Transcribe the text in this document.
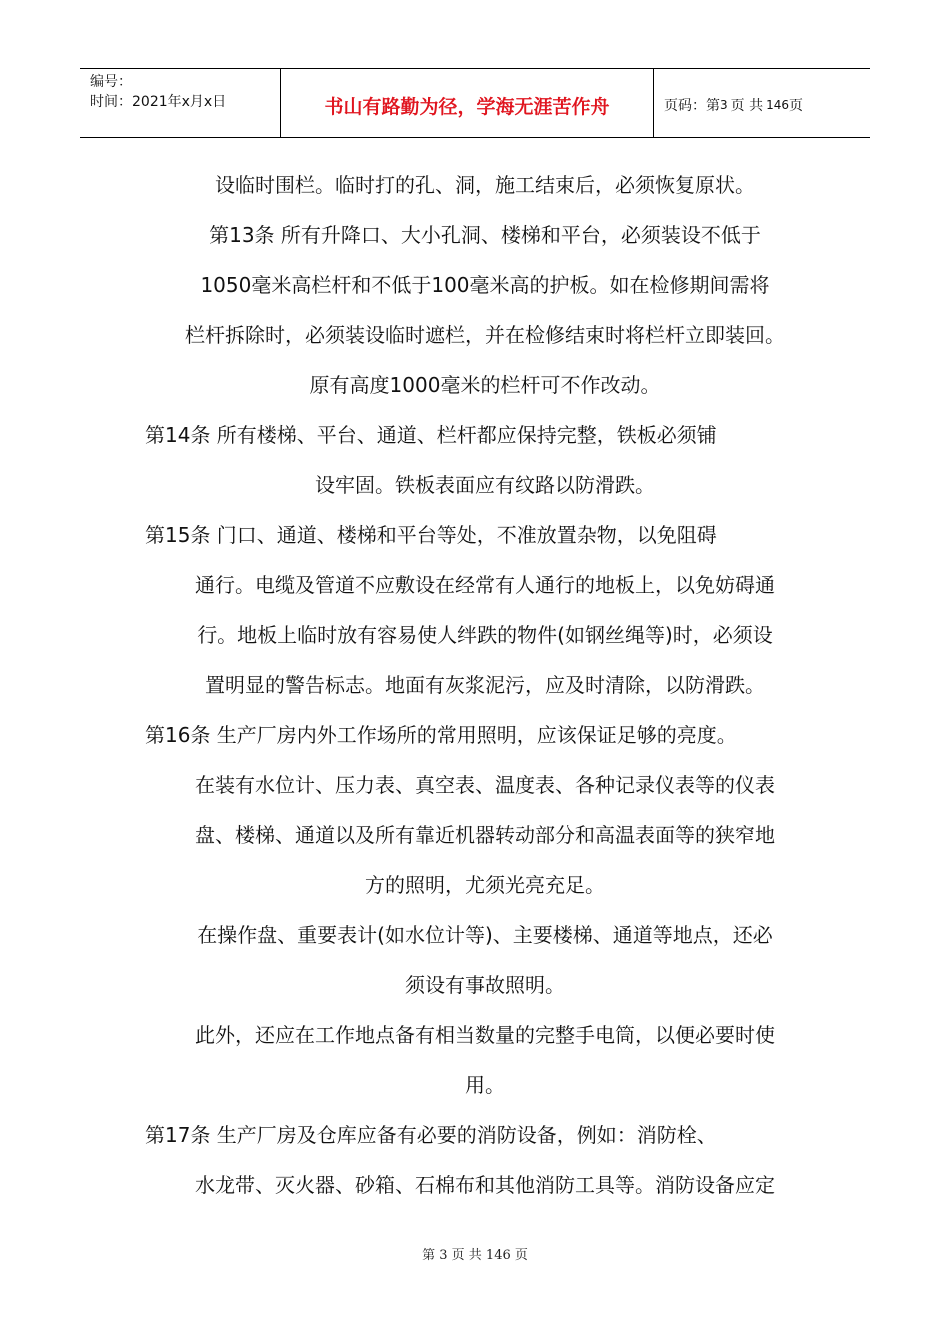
编号：
时间：2021年x月x日	书山有路勤为径，学海无涯苦作舟	页码：第 3 页 共 146 页
设临时围栏。临时打的孔、洞，施工结束后，必须恢复原状。
第13条 所有升降口、大小孔洞、楼梯和平台，必须装设不低于
1050毫米高栏杆和不低于100毫米高的护板。如在检修期间需将
栏杆拆除时，必须装设临时遮栏，并在检修结束时将栏杆立即装回。
原有高度1000毫米的栏杆可不作改动。
第14条 所有楼梯、平台、通道、栏杆都应保持完整，铁板必须铺
设牢固。铁板表面应有纹路以防滑跌。
第15条 门口、通道、楼梯和平台等处，不准放置杂物，以免阻碍
通行。电缆及管道不应敷设在经常有人通行的地板上，以免妨碍通
行。地板上临时放有容易使人绊跌的物件(如钢丝绳等)时，必须设
置明显的警告标志。地面有灰浆泥污，应及时清除，以防滑跌。
第16条 生产厂房内外工作场所的常用照明，应该保证足够的亮度。
在装有水位计、压力表、真空表、温度表、各种记录仪表等的仪表
盘、楼梯、通道以及所有靠近机器转动部分和高温表面等的狭窄地
方的照明，尤须光亮充足。
在操作盘、重要表计(如水位计等)、主要楼梯、通道等地点，还必
须设有事故照明。
此外，还应在工作地点备有相当数量的完整手电筒，以便必要时使
用。
第17条 生产厂房及仓库应备有必要的消防设备，例如：消防栓、
水龙带、灭火器、砂箱、石棉布和其他消防工具等。消防设备应定
第 3 页 共 146 页
